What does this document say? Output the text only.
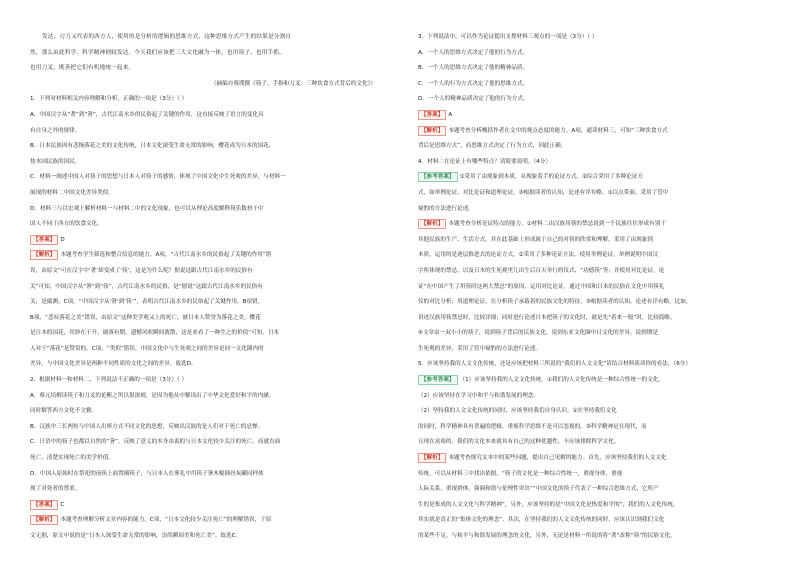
发达；刃刀又代表的西方人，使用的是分析的逻辑的思维方式，这种思维方式产生的结果是分割自

然，那么由此科学、科学精神则较发达。今天我们应该把三大文化融为一体，也用筷子，也用手抓，

也用刀叉，既善把它们有机地统一起来。

（摘编自蔡璞撰《筷子、手指和刀叉：三种饮食方式背后的文化》）

1．下列对材料相关内容理解和分析，正确的一项是（3分）（ ）

A．中国汉字从“著”到“箸”，古代江南水乡的民俗起了关键的作用，这直接反映了语言的变化具

有自身之外的规律。

B．日本民族因有悲惋落花之美的文化传统，日本文化深受生命无常的影响，樱花成为日本的国花，

按本国民族的国民。

C．材料一阐述中国人对筷子的思想与日本人对筷子的感情，体现了中国文化中生死观的差异，与材料一

展现的材料二中国文化差异类似。

D．材料三与以宏观上解析材料一与材料二中的文化现象，也可以从理论高度解释筷乐数材于中

国人不同于西方的饮食文化。

【答案】 D

【解析】 本题考查学生筛选和整合信息的能力。A项，“古代江南水乡的民俗起了关键的作用”错

误，由原文“可在汉字中‘著’却变成了‘筷’，这是为什么呢？据说这跟古代江南水乡的民俗有

关”可知，中国汉字从“箸”到“筷”，古代江南水乡的民俗，是“据说”这跟古代江南水乡的民俗有

关，是揣测。C项，“中国汉字从‘箸’到‘筷’”，表明古代江南水乡的民俗起了关键作用，B项错。

B项，“悲叹落花之美”错误，由原文“这种美学观又上的死亡，被日本人赞誉为落花之美。樱花

是日本的国花，其妙在于开，谢落有期，遗憾风吹瞬间离散，这是来看了一种生之的价值”可知，日本

人对于“落花”是赞赏的。C项，“类似”错误，中国文化中与生死观之间的差异是同一文化圈内的

差异，与中国文化差异是两种不同性质的文化之间的差异。故选D。

2．根据材料一和材料二，下列说法不正确的一项是（3分）（ ）

A．蔡元培解读筷子和刀叉的论断之所以很深刻，是因为他从中解读出了中华文化爱好和平的内涵。

同时解答西方文化不文雅。

B．汉族中三长两短与中国人出殡方式不同文化的思想，反映出汉族的是人们对于死亡的忌惮。

C．日语中的筷子也都以自然的“箸”，反映了意义的本身由衷的与日本文化较少关注的死亡，而就直面

死亡，清楚实现死亡的美学价值。

D．中国人原始时在祭祀的前筷上面置插筷子，与日本人在葬礼中用筷子箸木棍插骨灰罐同样体

现了对死者的尊重。

【答案】 C

【解析】 本题考查理解分析文章内容的能力。C项，“日本文化较少关注死亡”的理解错误，于原

文无据，原文中说的是“日本人深受生命无常的影响，崇尚瞬间美和死亡美”。故选C。

3．下列说法中，可以作为论证提出支撑材料三观点的一项是（3分）（ ）

A．一个人的思维方式决定了他的行为方式。

B．一个人的思维方式决定了他的精神品质。

C．一个人的行为方式决定了他的思维方式。

D．一个人的精神品质决定了他的行为方式。

【答案】 A

【解析】 本题考查分析概括作者在文中的观点态度的能力。A项，通读材料三，可知“三种饮食方式

背后是思维方式”，而思维方式决定了行为方式，因此正确。

4．材料二在论证上有哪些特点？请简要说明。（4分）

【参考答案】 ①采用了由现象到本质，从现象着手的论证方式。②综合采用了多种论证方

式，如举例论证、对比论证和道理论证。③根据读者的认知，论述有详有略，①以点带面，采用了管中

窥豹的方法进行论述。

【解析】 本题考查分析论证特点的能力。①材料二由汉族用筷的禁忌说到一个民族往往形成有别于

其他民族的生产、生活方式，并在此基础上形成属于自己的对筷的欣赏和理解，采用了由现象到

本质，运用的是逐层推进式的论证方式。②采用了多种论证方法，使用举例论证，举例说明中国汉

字所体现的禁忌，以及日本的生死观里儿出生后百天举行的仪式、“功德筷”等；并使用对比论证，论

证“在中国产生了用筷时这两大禁忌”的原因，运用对比论证，通过中国和日本的民俗在文化中用筷礼

仪的对比分析；用道理论证，在分析筷子承载着的民族文化的特征。③根据读者的认知，论述有详有略，比如，

讲述汉族用筷禁忌时，比较详细；同时进行论述日本把筷子的文化时，就是先“着来一般”时，比较简略。

④文章由一双小小的筷子，说到筷子背后的民族文化，说到东亚文化圈中日文化的差异，说到期是

生死观的差异，采用了管中窥豹的方法进行论述。

5．应该坚持我的人文文化传统，还是应该把材料三所说的“我们的人文文化”请结合材料谈谈你的看法。（6分）

【参考答案】 （1）应该坚持我的人文文化传统。①我们的人文化传统是一种综合性统一的文化。

（2）应该坚持在学习中和平与和谐发展的理念。

（2）坚持我的人文文化传统的同时，应该坚持我们自身认识。①在坚持我们文化

的同时，科学精神具有普遍的逻辑，重视科学思维不是可以忽视的。③科学精神是在现代，而

且现在富裕的，我们的文化本来就具有自己的这种优越性，不应该排除科学文化。

【解析】 本题考查探究文本中的某些问题，提出自己见解的能力。首先，应该坚持我们的人文文化

传统，可以从材料三中找出依据，“筷子的文化是一种综合性统一，重视身体，重视

人际关系，重视群体，强调和谐与伦理性突出”“中国文化的筷子代表了一种综合思维方式，它所产

生的是集成的人文文化与科学精神”，另外，应该坚持的是“中国文化是热爱和平的”，我们的人文化传统，

其实就是真正的“集体文化的理念”。其次，在坚持我们的人文文化传统的同时，应该认识到我们文化

的某些不足。与和平与和谐发展的理念的文化，另外，无论是材料一所说的将“著”改称“筷”的民俗文化，
